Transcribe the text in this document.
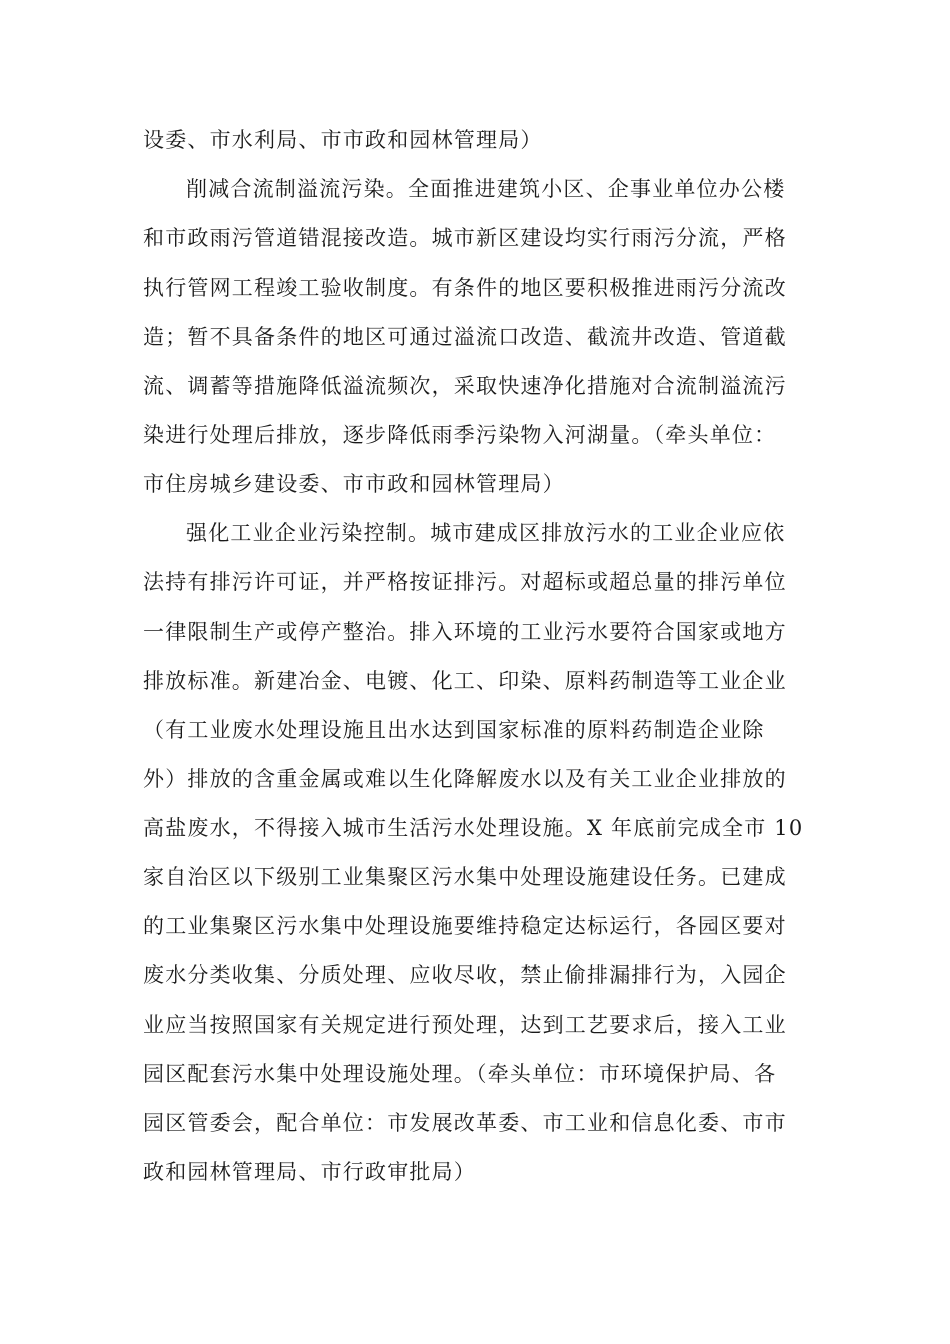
设委、市水利局、市市政和园林管理局）
削减合流制溢流污染。全面推进建筑小区、企事业单位办公楼
和市政雨污管道错混接改造。城市新区建设均实行雨污分流，严格
执行管网工程竣工验收制度。有条件的地区要积极推进雨污分流改
造；暂不具备条件的地区可通过溢流口改造、截流井改造、管道截
流、调蓄等措施降低溢流频次，采取快速净化措施对合流制溢流污
染进行处理后排放，逐步降低雨季污染物入河湖量。（牵头单位：
市住房城乡建设委、市市政和园林管理局）
强化工业企业污染控制。城市建成区排放污水的工业企业应依
法持有排污许可证，并严格按证排污。对超标或超总量的排污单位
一律限制生产或停产整治。排入环境的工业污水要符合国家或地方
排放标准。新建冶金、电镀、化工、印染、原料药制造等工业企业
（有工业废水处理设施且出水达到国家标准的原料药制造企业除
外）排放的含重金属或难以生化降解废水以及有关工业企业排放的
高盐废水，不得接入城市生活污水处理设施。X 年底前完成全市 10
家自治区以下级别工业集聚区污水集中处理设施建设任务。已建成
的工业集聚区污水集中处理设施要维持稳定达标运行，各园区要对
废水分类收集、分质处理、应收尽收，禁止偷排漏排行为，入园企
业应当按照国家有关规定进行预处理，达到工艺要求后，接入工业
园区配套污水集中处理设施处理。（牵头单位：市环境保护局、各
园区管委会，配合单位：市发展改革委、市工业和信息化委、市市
政和园林管理局、市行政审批局）
